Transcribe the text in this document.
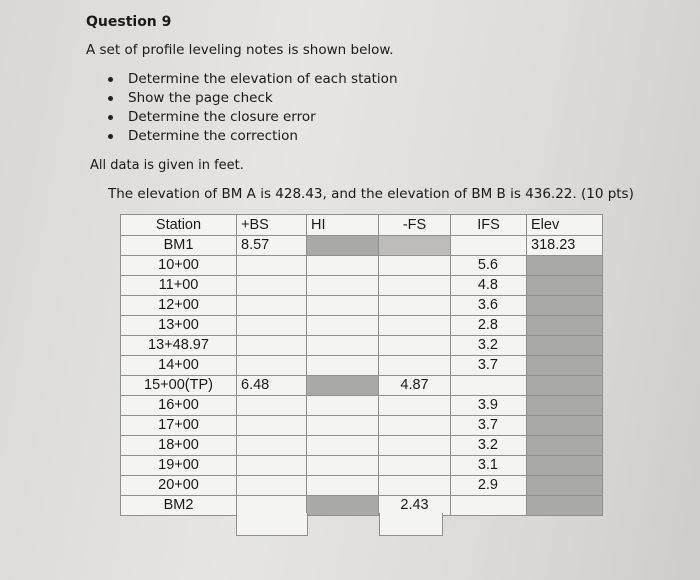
Question 9
A set of profile leveling notes is shown below.
Determine the elevation of each station
Show the page check
Determine the closure error
Determine the correction
All data is given in feet.
The elevation of BM A is 428.43, and the elevation of BM B is 436.22. (10 pts)
Station	+BS	HI	-FS	IFS	Elev
BM1	8.57				318.23
10+00				5.6	
11+00				4.8	
12+00				3.6	
13+00				2.8	
13+48.97				3.2	
14+00				3.7	
15+00(TP)	6.48		4.87		
16+00				3.9	
17+00				3.7	
18+00				3.2	
19+00				3.1	
20+00				2.9	
BM2			2.43		
